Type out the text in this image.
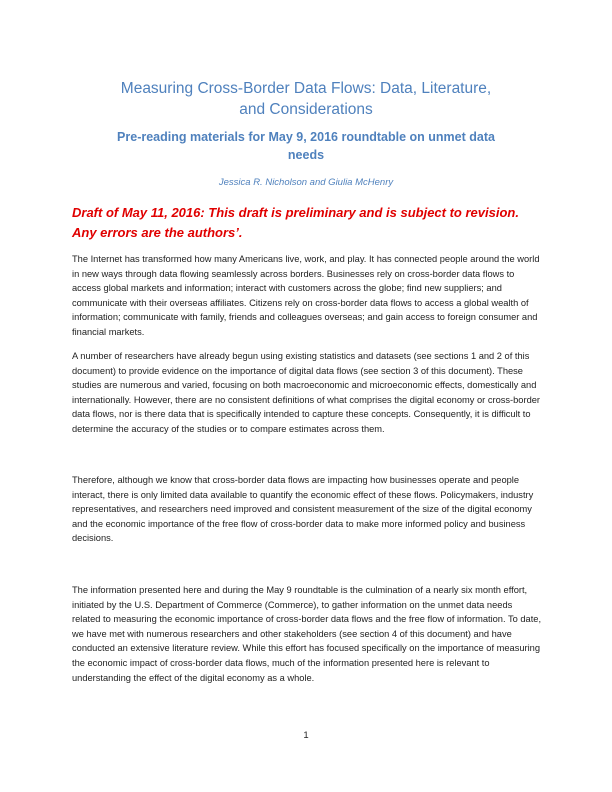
Measuring Cross-Border Data Flows: Data, Literature,
and Considerations
Pre-reading materials for May 9, 2016 roundtable on unmet data
needs
Jessica R. Nicholson and Giulia McHenry
Draft of May 11, 2016: This draft is preliminary and is subject to revision. Any errors are the authors’.

The Internet has transformed how many Americans live, work, and play. It has connected people around the world in new ways through data flowing seamlessly across borders. Businesses rely on cross-border data flows to access global markets and information; interact with customers across the globe; find new suppliers; and communicate with their overseas affiliates. Citizens rely on cross-border data flows to access a global wealth of information; communicate with family, friends and colleagues overseas; and gain access to foreign consumer and financial markets.

A number of researchers have already begun using existing statistics and datasets (see sections 1 and 2 of this document) to provide evidence on the importance of digital data flows (see section 3 of this document). These studies are numerous and varied, focusing on both macroeconomic and microeconomic effects, domestically and internationally. However, there are no consistent definitions of what comprises the digital economy or cross-border data flows, nor is there data that is specifically intended to capture these concepts. Consequently, it is difficult to determine the accuracy of the studies or to compare estimates across them.

Therefore, although we know that cross-border data flows are impacting how businesses operate and people interact, there is only limited data available to quantify the economic effect of these flows. Policymakers, industry representatives, and researchers need improved and consistent measurement of the size of the digital economy and the economic importance of the free flow of cross-border data to make more informed policy and business decisions.

The information presented here and during the May 9 roundtable is the culmination of a nearly six month effort, initiated by the U.S. Department of Commerce (Commerce), to gather information on the unmet data needs related to measuring the economic importance of cross-border data flows and the free flow of information. To date, we have met with numerous researchers and other stakeholders (see section 4 of this document) and have conducted an extensive literature review. While this effort has focused specifically on the importance of measuring the economic impact of cross-border data flows, much of the information presented here is relevant to understanding the effect of the digital economy as a whole.

1
